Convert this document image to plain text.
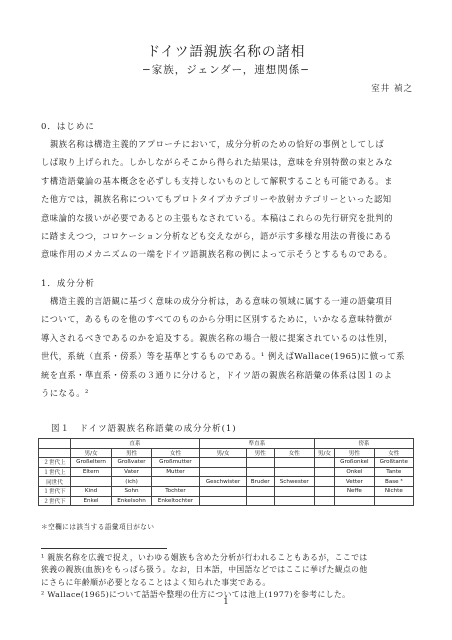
ドイツ語親族名称の諸相
−家族，ジェンダー，連想関係−
室井 禎之
0．はじめに
親族名称は構造主義的アプローチにおいて，成分分析のための恰好の事例としてしば
しば取り上げられた。しかしながらそこから得られた結果は，意味を弁別特徴の束とみな
す構造語彙論の基本概念を必ずしも支持しないものとして解釈することも可能である。ま
た他方では，親族名称についてもプロトタイプカテゴリーや放射カテゴリーといった認知
意味論的な扱いが必要であるとの主張もなされている。本稿はこれらの先行研究を批判的
に踏まえつつ，コロケーション分析なども交えながら，語が示す多様な用法の背後にある
意味作用のメカニズムの一端をドイツ語親族名称の例によって示そうとするものである。
1．成分分析
構造主義的言語観に基づく意味の成分分析は，ある意味の領域に属する一連の語彙項目
について，あるものを他のすべてのものから分明に区別するために，いかなる意味特徴が
導入されるべきであるのかを追及する。親族名称の場合一般に提案されているのは性別，
世代，系統（直系・傍系）等を基準とするものである。¹ 例えばWallace(1965)に倣って系
統を直系・準直系・傍系の３通りに分けると，ドイツ語の親族名称語彙の体系は図１のよ
うになる。²
図１　ドイツ語親族名称語彙の成分分析(1)
	直系			準直系			傍系		
	男/女	男性	女性	男/女	男性	女性	男/女	男性	女性
２世代上	Großeltern	Großvater	Großmutter					Großonkel	Großtante
１世代上	Eltern	Vater	Mutter					Onkel	Tante
同世代		(ich)		Geschwister	Bruder	Schwester		Vetter	Base ³
１世代下	Kind	Sohn	Tochter					Neffe	Nichte
２世代下	Enkel	Enkelsohn	Enkeltochter						
＊空欄には該当する語彙項目がない
¹ 親族名称を広義で捉え，いわゆる姻族も含めた分析が行われることもあるが，ここでは
狭義の親族(血族)をもっぱら扱う。なお，日本語，中国語などではここに挙げた観点の他
にさらに年齢順が必要となることはよく知られた事実である。
² Wallace(1965)について話語や整理の仕方については池上(1977)を参考にした。
1
